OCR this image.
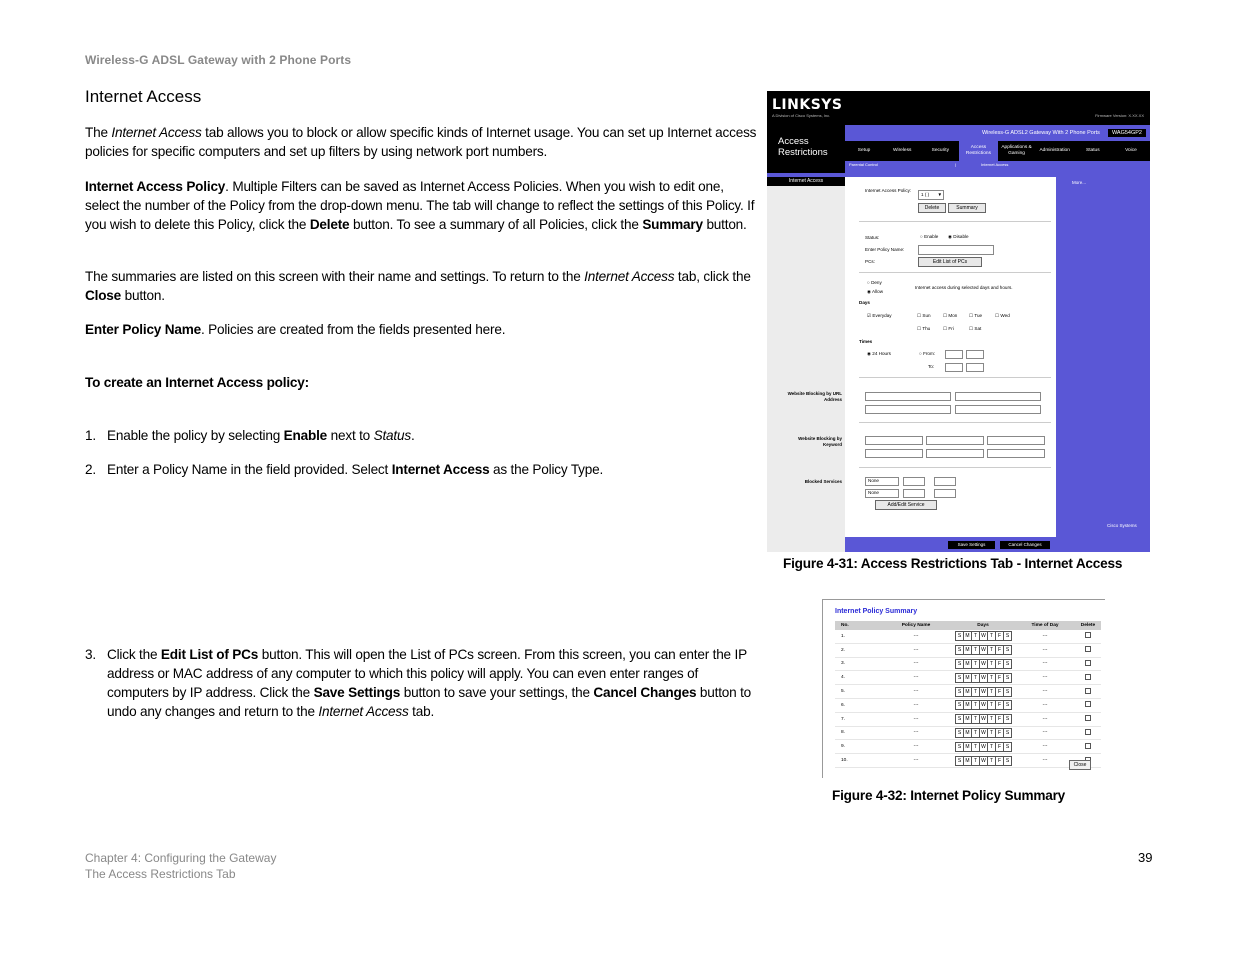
Wireless-G ADSL Gateway with 2 Phone Ports
Internet Access
The Internet Access tab allows you to block or allow specific kinds of Internet usage. You can set up Internet access policies for specific computers and set up filters by using network port numbers.
Internet Access Policy. Multiple Filters can be saved as Internet Access Policies. When you wish to edit one, select the number of the Policy from the drop-down menu. The tab will change to reflect the settings of this Policy. If you wish to delete this Policy, click the Delete button. To see a summary of all Policies, click the Summary button.
The summaries are listed on this screen with their name and settings. To return to the Internet Access tab, click the Close button.
Enter Policy Name. Policies are created from the fields presented here.
To create an Internet Access policy:
1. Enable the policy by selecting Enable next to Status.
2. Enter a Policy Name in the field provided. Select Internet Access as the Policy Type.
3. Click the Edit List of PCs button. This will open the List of PCs screen. From this screen, you can enter the IP address or MAC address of any computer to which this policy will apply. You can even enter ranges of computers by IP address. Click the Save Settings button to save your settings, the Cancel Changes button to undo any changes and return to the Internet Access tab.
LINKSYS
A Division of Cisco Systems, Inc.	Firmware Version: X.XX.XX
Access Restrictions
Wireless-G ADSL2 Gateway With 2 Phone Ports WAG54GP2
Setup	Wireless	Security
Access Restrictions
Applications & Gaming
Administration	Status	Voice
Parental Control	|	Internet Access
Internet Access
Website Blocking by URL Address
Website Blocking by Keyword
Blocked Services
Internet Access Policy:
1 ( ) ▼
Delete	Summary
Status:	○ Enable ◉ Disable
Enter Policy Name:
PCs:	Edit List of PCs
○ Deny
◉ Allow
Internet access during selected days and hours.
Days
☑ Everyday	☐ Sun	☐ Mon	☐ Tue	☐ Wed
☐ Thu	☐ Fri	☐ Sat
Times
◉ 24 Hours	○ From:
To:
None
None
Add/Edit Service
More...
Cisco Systems
Save Settings	Cancel Changes
Figure 4-31: Access Restrictions Tab - Internet Access
Internet Policy Summary
No.	Policy Name	Days	Time of Day	Delete
1.	---	S M T W T F S	---	
2.	---	S M T W T F S	---	
3.	---	S M T W T F S	---	
4.	---	S M T W T F S	---	
5.	---	S M T W T F S	---	
6.	---	S M T W T F S	---	
7.	---	S M T W T F S	---	
8.	---	S M T W T F S	---	
9.	---	S M T W T F S	---	
10.	---	S M T W T F S	---	
Close
Figure 4-32: Internet Policy Summary
Chapter 4: Configuring the Gateway
The Access Restrictions Tab
39
